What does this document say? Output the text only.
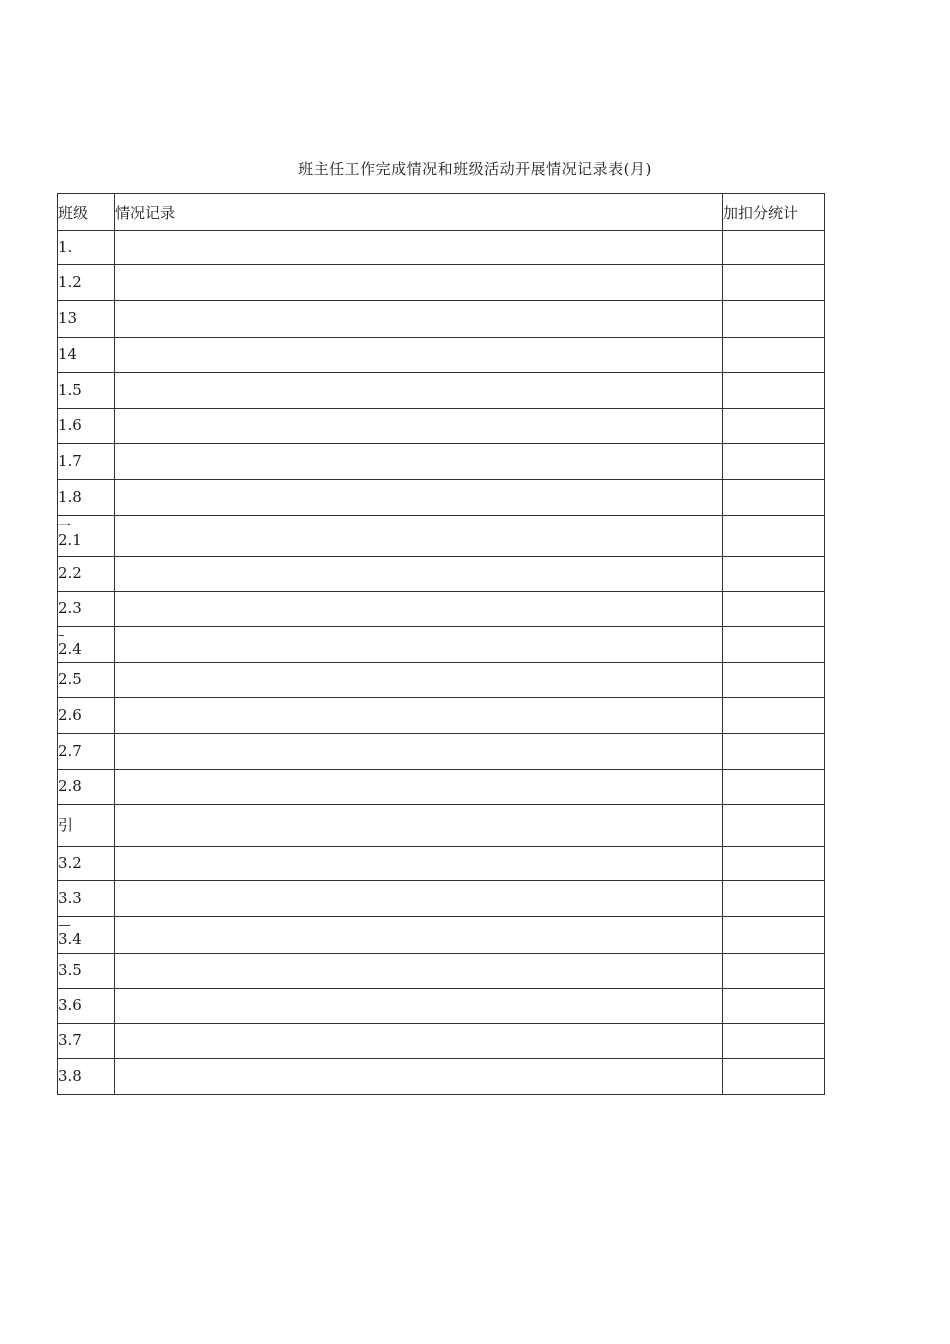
班主任工作完成情况和班级活动开展情况记录表(月)
班级	情况记录	加扣分统计
1.		
1.2		
13		
14		
1.5		
1.6		
1.7		
1.8		

一
2.1		
2.2		
2.3		

–
2.4		
2.5		
2.6		
2.7		
2.8		
引		
3.2		
3.3		

—
3.4		
3.5		
3.6		
3.7		
3.8		
